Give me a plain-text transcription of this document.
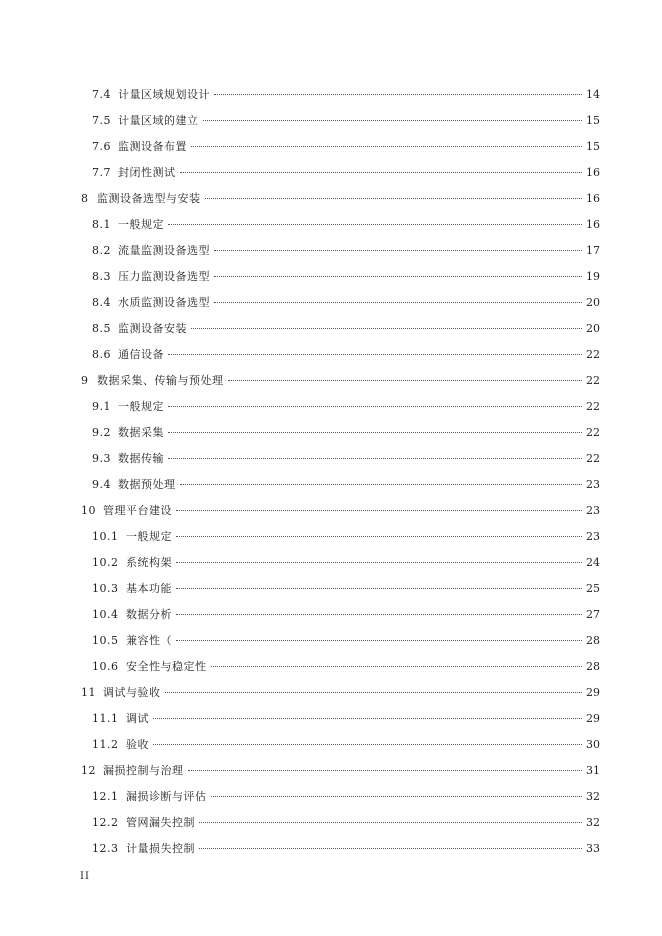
7.4 计量区域规划设计	14
7.5 计量区域的建立	15
7.6 监测设备布置	15
7.7 封闭性测试	16
8 监测设备选型与安装	16
8.1 一般规定	16
8.2 流量监测设备选型	17
8.3 压力监测设备选型	19
8.4 水质监测设备选型	20
8.5 监测设备安装	20
8.6 通信设备	22
9 数据采集、传输与预处理	22
9.1 一般规定	22
9.2 数据采集	22
9.3 数据传输	22
9.4 数据预处理	23
10 管理平台建设	23
10.1 一般规定	23
10.2 系统构架	24
10.3 基本功能	25
10.4 数据分析	27
10.5 兼容性（	28
10.6 安全性与稳定性	28
11 调试与验收	29
11.1 调试	29
11.2 验收	30
12 漏损控制与治理	31
12.1 漏损诊断与评估	32
12.2 管网漏失控制	32
12.3 计量损失控制	33
II
